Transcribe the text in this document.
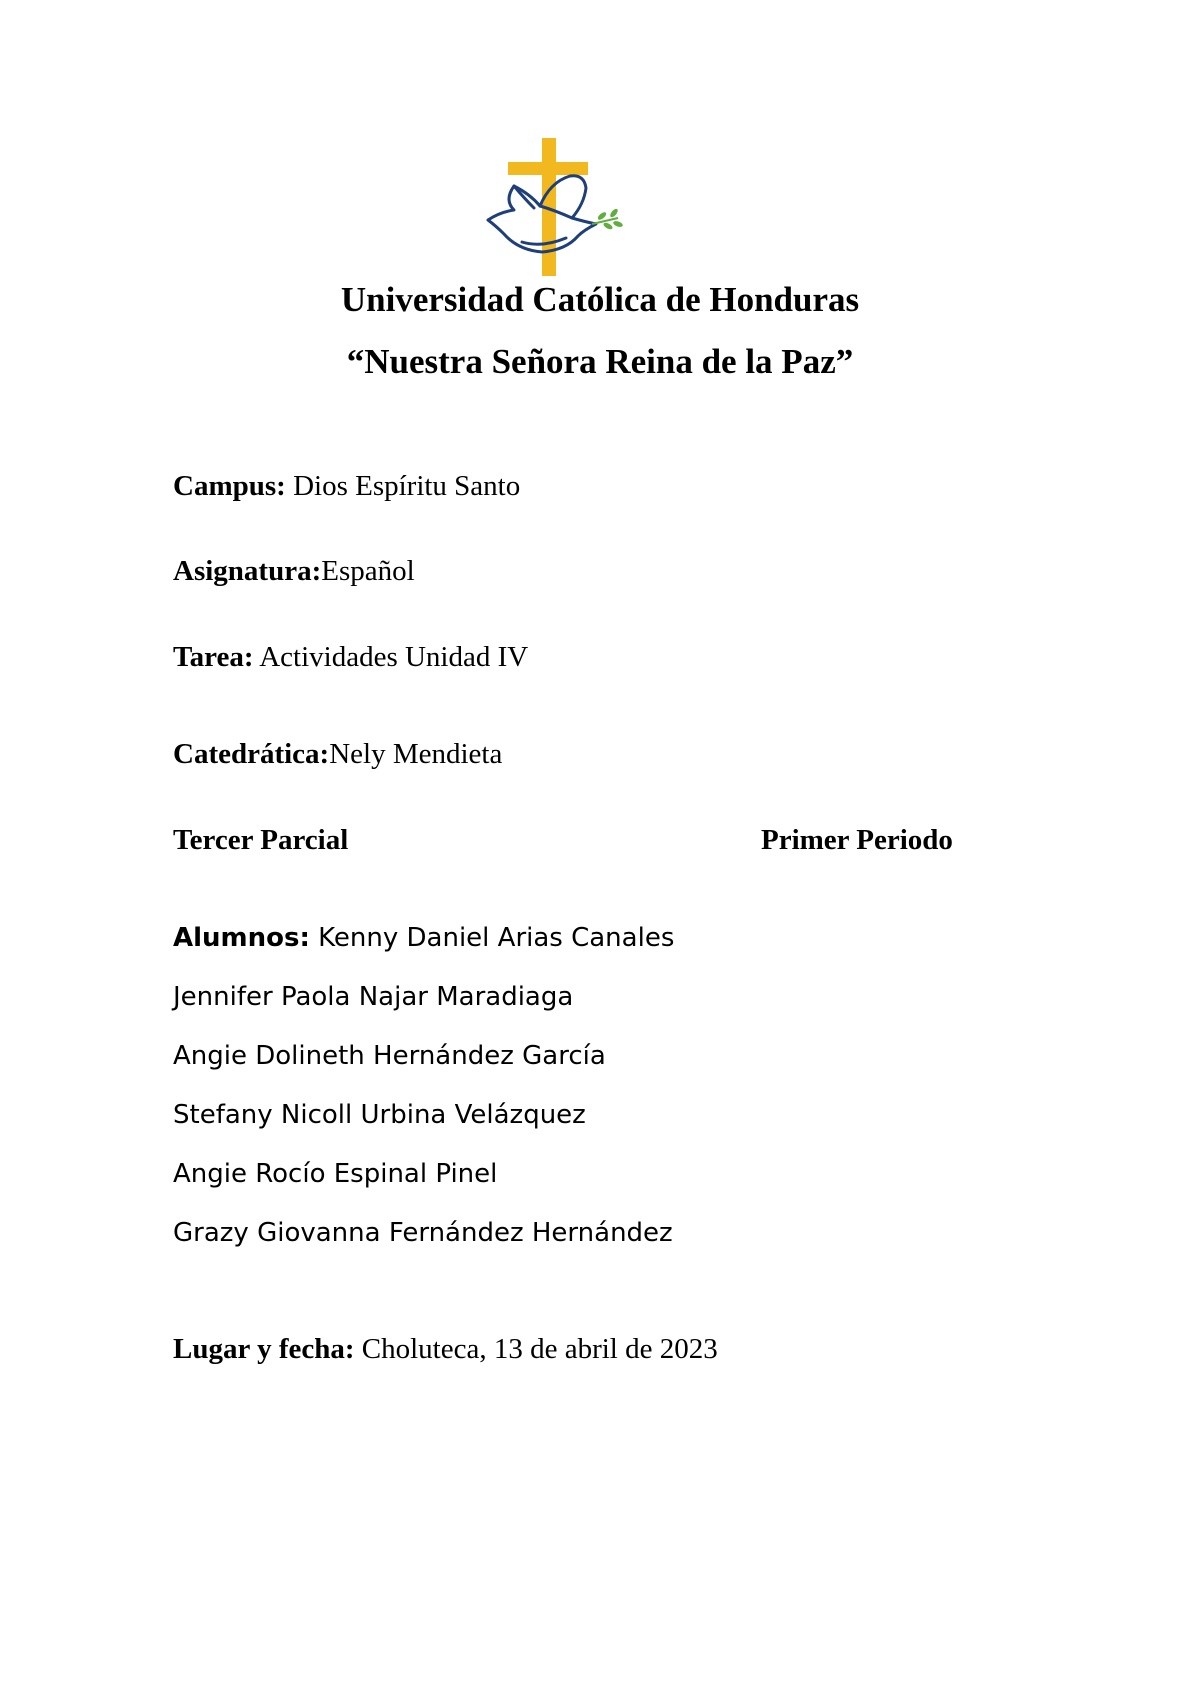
Universidad Católica de Honduras
“Nuestra Señora Reina de la Paz”
Campus: Dios Espíritu Santo
Asignatura:Español
Tarea: Actividades Unidad IV
Catedrática:Nely Mendieta
Tercer Parcial	Primer Periodo
Alumnos: Kenny Daniel Arias Canales
Jennifer Paola Najar Maradiaga
Angie Dolineth Hernández García
Stefany Nicoll Urbina Velázquez
Angie Rocío Espinal Pinel
Grazy Giovanna Fernández Hernández
Lugar y fecha: Choluteca, 13 de abril de 2023
